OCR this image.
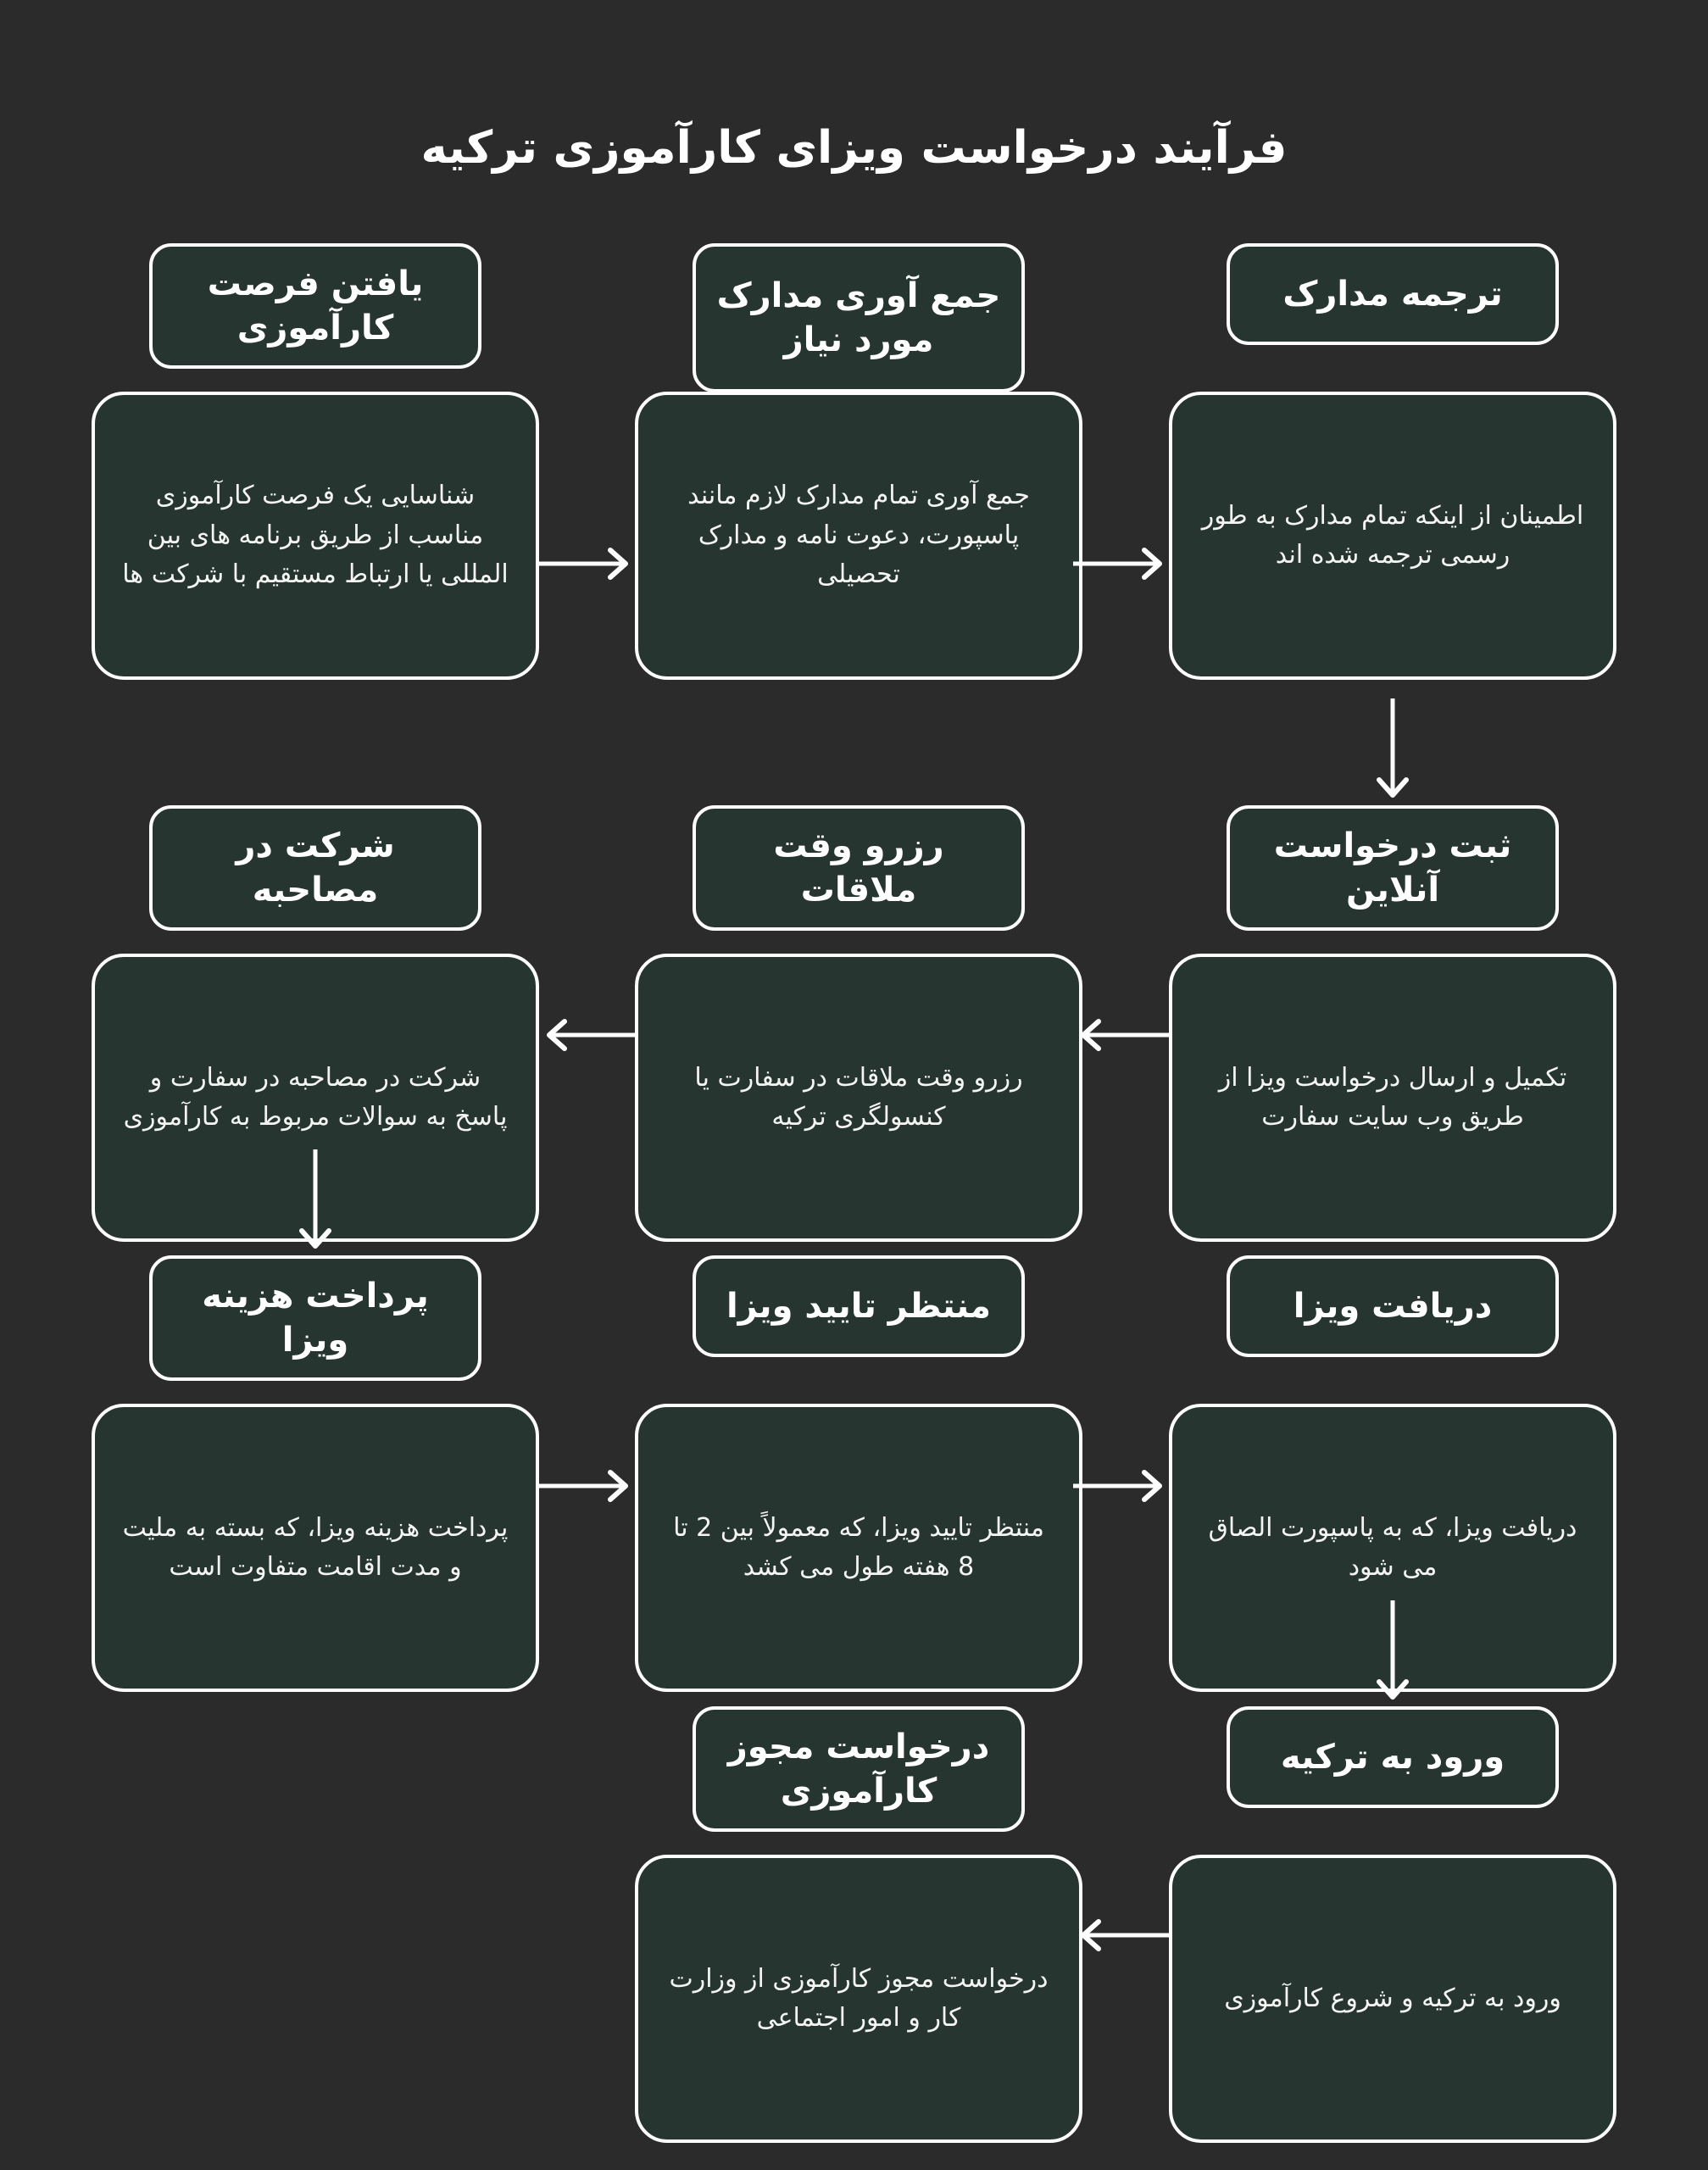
فرآیند درخواست ویزای کارآموزی ترکیه
شناسایی یک فرصت کارآموزی مناسب از طریق برنامه های بین المللی یا ارتباط مستقیم با شرکت ها
یافتن فرصت کارآموزی
جمع آوری تمام مدارک لازم مانند پاسپورت، دعوت نامه و مدارک تحصیلی
جمع آوری مدارک مورد نیاز
اطمینان از اینکه تمام مدارک به طور رسمی ترجمه شده اند
ترجمه مدارک
شرکت در مصاحبه در سفارت و پاسخ به سوالات مربوط به کارآموزی
شرکت در مصاحبه
رزرو وقت ملاقات در سفارت یا کنسولگری ترکیه
رزرو وقت ملاقات
تکمیل و ارسال درخواست ویزا از طریق وب سایت سفارت
ثبت درخواست آنلاین
پرداخت هزینه ویزا، که بسته به ملیت و مدت اقامت متفاوت است
پرداخت هزینه ویزا
منتظر تایید ویزا، که معمولاً بین 2 تا 8 هفته طول می کشد
منتظر تایید ویزا
دریافت ویزا، که به پاسپورت الصاق می شود
دریافت ویزا
درخواست مجوز کارآموزی از وزارت کار و امور اجتماعی
درخواست مجوز کارآموزی
ورود به ترکیه و شروع کارآموزی
ورود به ترکیه
